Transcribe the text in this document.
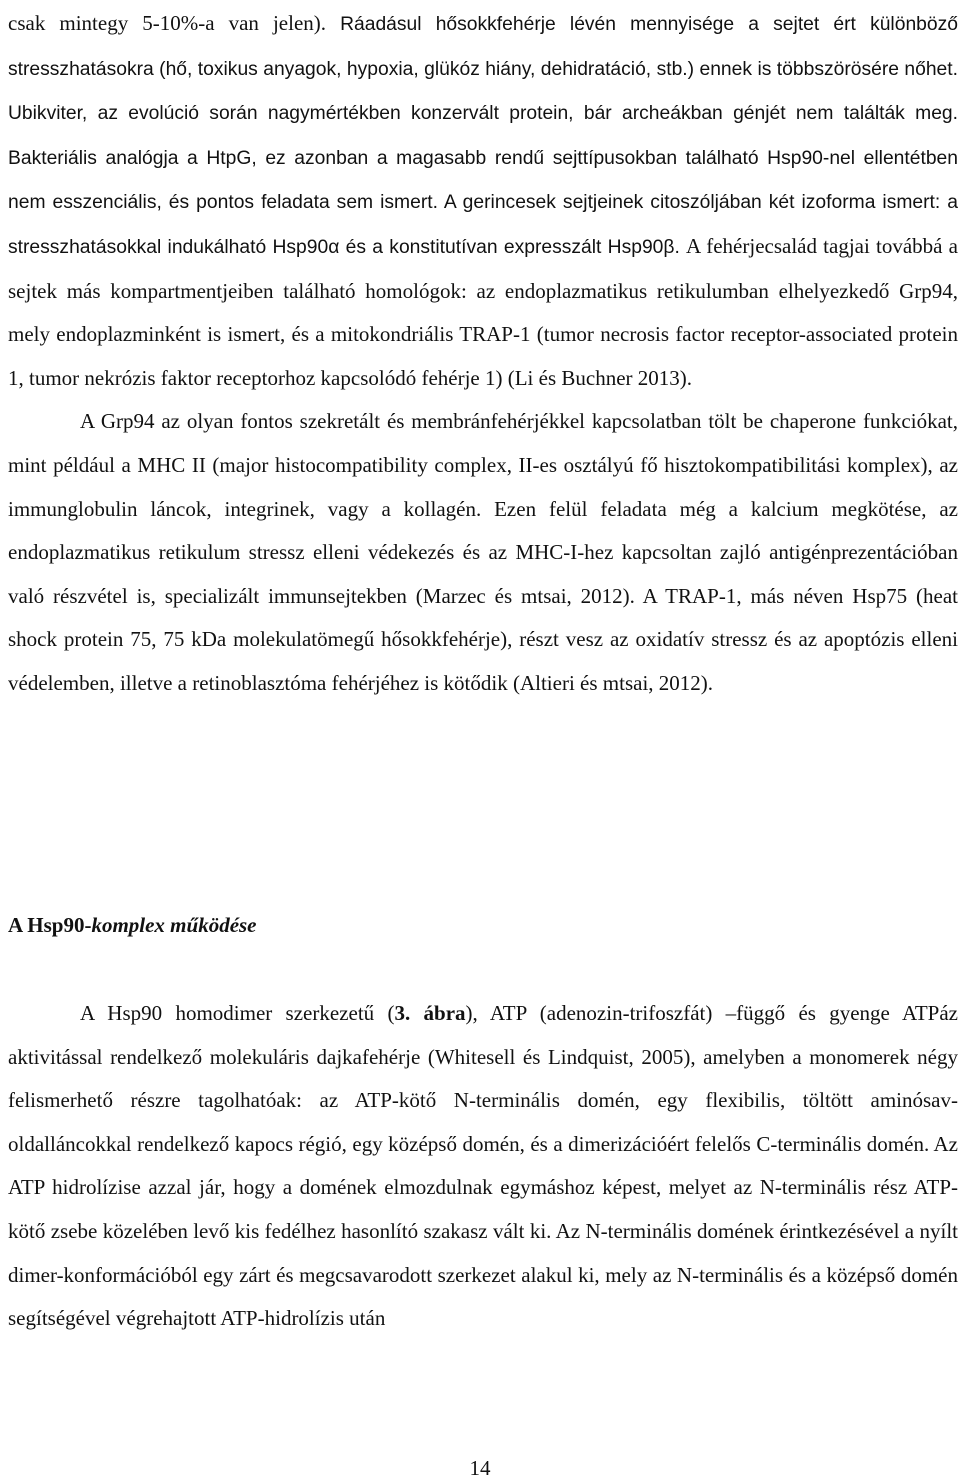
csak mintegy 5-10%-a van jelen). Ráadásul hősokkfehérje lévén mennyisége a sejtet ért különböző stresszhatásokra (hő, toxikus anyagok, hypoxia, glükóz hiány, dehidratáció, stb.) ennek is többszörösére nőhet. Ubikviter, az evolúció során nagymértékben konzervált protein, bár archeákban génjét nem találták meg. Bakteriális analógja a HtpG, ez azonban a magasabb rendű sejttípusokban található Hsp90-nel ellentétben nem esszenciális, és pontos feladata sem ismert. A gerincesek sejtjeinek citoszóljában két izoforma ismert: a stresszhatásokkal indukálható Hsp90α és a konstitutívan expresszált Hsp90β. A fehérjecsalád tagjai továbbá a sejtek más kompartmentjeiben található homológok: az endoplazmatikus retikulumban elhelyezkedő Grp94, mely endoplazminként is ismert, és a mitokondriális TRAP-1 (tumor necrosis factor receptor-associated protein 1, tumor nekrózis faktor receptorhoz kapcsolódó fehérje 1) (Li és Buchner 2013).

A Grp94 az olyan fontos szekretált és membránfehérjékkel kapcsolatban tölt be chaperone funkciókat, mint például a MHC II (major histocompatibility complex, II-es osztályú fő hisztokompatibilitási komplex), az immunglobulin láncok, integrinek, vagy a kollagén. Ezen felül feladata még a kalcium megkötése, az endoplazmatikus retikulum stressz elleni védekezés és az MHC-I-hez kapcsoltan zajló antigénprezentációban való részvétel is, specializált immunsejtekben (Marzec és mtsai, 2012). A TRAP-1, más néven Hsp75 (heat shock protein 75, 75 kDa molekulatömegű hősokkfehérje), részt vesz az oxidatív stressz és az apoptózis elleni védelemben, illetve a retinoblasztóma fehérjéhez is kötődik (Altieri és mtsai, 2012).

A Hsp90-komplex működése

A Hsp90 homodimer szerkezetű (3. ábra), ATP (adenozin-trifoszfát) –függő és gyenge ATPáz aktivitással rendelkező molekuláris dajkafehérje (Whitesell és Lindquist, 2005), amelyben a monomerek négy felismerhető részre tagolhatóak: az ATP-kötő N-terminális domén, egy flexibilis, töltött aminósav-oldalláncokkal rendelkező kapocs régió, egy középső domén, és a dimerizációért felelős C-terminális domén. Az ATP hidrolízise azzal jár, hogy a domének elmozdulnak egymáshoz képest, melyet az N-terminális rész ATP-kötő zsebe közelében levő kis fedélhez hasonlító szakasz vált ki. Az N-terminális domének érintkezésével a nyílt dimer-konformációból egy zárt és megcsavarodott szerkezet alakul ki, mely az N-terminális és a középső domén segítségével végrehajtott ATP-hidrolízis után

14
